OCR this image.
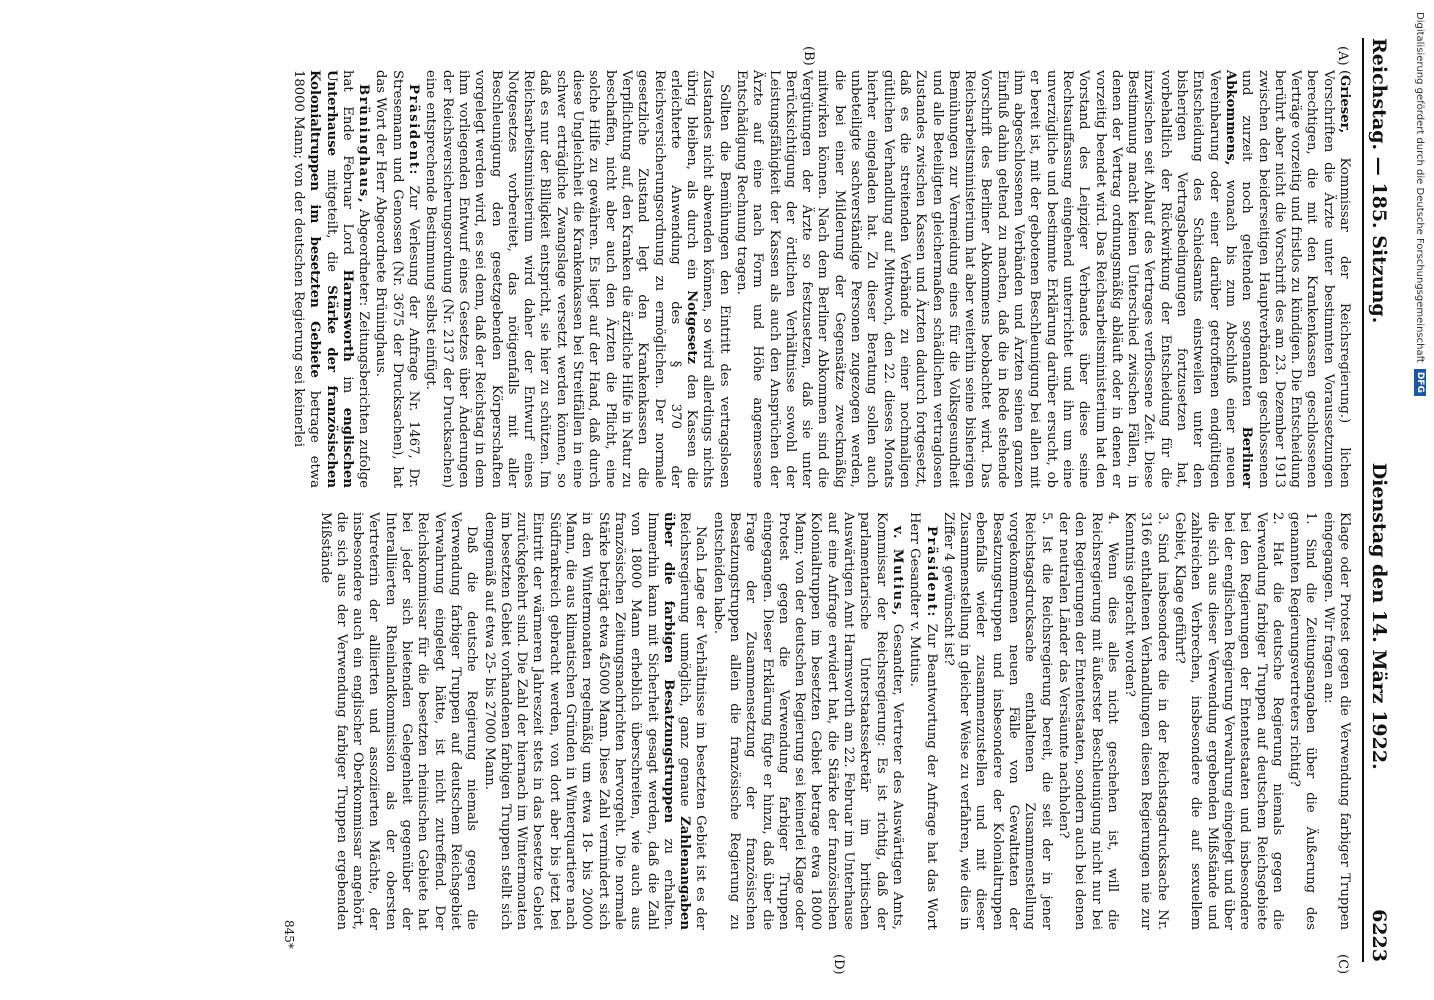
Reichstag. — 185. Sitzung.
Dienstag den 14. März 1922.
6223
(A)
(B)
(C)
(D)

(Grieser, Kommissar der Reichsregierung.) lichen Vorschriften die Ärzte unter bestimmten Voraussetzungen berechtigen, die mit den Krankenkassen geschlossenen Verträge vorzeitig und fristlos zu kündigen. Die Entscheidung berührt aber nicht die Vorschrift des am 23. Dezember 1913 zwischen den beiderseitigen Hauptverbänden geschlossenen und zurzeit noch geltenden sogenannten Berliner Abkommens, wonach bis zum Abschluß einer neuen Vereinbarung oder einer darüber getroffenen endgültigen Entscheidung des Schiedsamts einstweilen unter den bisherigen Vertragsbedingungen fortzusetzen hat, vorbehaltlich der Rückwirkung der Entscheidung für die inzwischen seit Ablauf des Vertrages verflossene Zeit. Diese Bestimmung macht keinen Unterschied zwischen Fällen, in denen der Vertrag ordnungsmäßig abläuft oder in denen er vorzeitig beendet wird. Das Reichsarbeitsministerium hat den Vorstand des Leipziger Verbandes über diese seine Rechtsauffassung eingehend unterrichtet und ihn um eine unverzügliche und bestimmte Erklärung darüber ersucht, ob er bereit ist, mit der gebotenen Beschleunigung bei allen mit ihm abgeschlossenen Verbänden und Ärzten seinen ganzen Einfluß dahin geltend zu machen, daß die in Rede stehende Vorschrift des Berliner Abkommens beobachtet wird. Das Reichsarbeitsministerium hat aber weiterhin seine bisherigen Bemühungen zur Vermeidung eines für die Volksgesundheit und alle Beteiligten gleichermaßen schädlichen vertraglosen Zustandes zwischen Kassen und Ärzten dadurch fortgesetzt, daß es die streitenden Verbände zu einer nochmaligen gütlichen Verhandlung auf Mittwoch, den 22. dieses Monats hierher eingeladen hat. Zu dieser Beratung sollen auch unbeteiligte sachverständige Personen zugezogen werden, die bei einer Milderung der Gegensätze zweckmäßig mitwirken können. Nach dem Berliner Abkommen sind die Vergütungen der Ärzte so festzusetzen, daß sie unter Berücksichtigung der örtlichen Verhältnisse sowohl der Leistungsfähigkeit der Kassen als auch den Ansprüchen der Ärzte auf eine nach Form und Höhe angemessene Entschädigung Rechnung tragen.

Sollten die Bemühungen den Eintritt des vertragslosen Zustandes nicht abwenden können, so wird allerdings nichts übrig bleiben, als durch ein Notgesetz den Kassen die erleichterte Anwendung des § 370 der Reichsversicherungsordnung zu ermöglichen. Der normale gesetzliche Zustand legt den Krankenkassen die Verpflichtung auf, den Kranken die ärztliche Hilfe in Natur zu beschaffen, nicht aber auch den Ärzten die Pflicht, eine solche Hilfe zu gewähren. Es liegt auf der Hand, daß durch diese Ungleichheit die Krankenkassen bei Streitfällen in eine schwer erträgliche Zwangslage versetzt werden können, so daß es nur der Billigkeit entspricht, sie hier zu schützen. Im Reichsarbeitsministerium wird daher der Entwurf eines Notgesetzes vorbereitet, das nötigenfalls mit aller Beschleunigung den gesetzgebenden Körperschaften vorgelegt werden wird, es sei denn, daß der Reichstag in dem ihm vorliegenden Entwurf eines Gesetzes über Änderungen der Reichsversicherungsordnung (Nr. 2137 der Drucksachen) eine entsprechende Bestimmung selbst einfügt.

Präsident: Zur Verlesung der Anfrage Nr. 1467, Dr. Stresemann und Genossen (Nr. 3675 der Drucksachen), hat das Wort der Herr Abgeordnete Brüninghaus.

Brüninghaus, Abgeordneter: Zeitungsberichten zufolge hat Ende Februar Lord Harmsworth im englischen Unterhause mitgeteilt, die Stärke der französischen Kolonialtruppen im besetzten Gebiete betrage etwa 18000 Mann; von der deutschen Regierung sei keinerlei

Klage oder Protest gegen die Verwendung farbiger Truppen eingegangen. Wir fragen an:

1. Sind die Zeitungsangaben über die Äußerung des genannten Regierungsvertreters richtig?

2. Hat die deutsche Regierung niemals gegen die Verwendung farbiger Truppen auf deutschem Reichsgebiete bei den Regierungen der Ententestaaten und insbesondere bei der englischen Regierung Verwahrung eingelegt und über die sich aus dieser Verwendung ergebenden Mißstände und zahlreichen Verbrechen, insbesondere die auf sexuellem Gebiet, Klage geführt?

3. Sind insbesondere die in der Reichstagsdrucksache Nr. 3166 enthaltenen Verhandlungen diesen Regierungen nie zur Kenntnis gebracht worden?

4. Wenn dies alles nicht geschehen ist, will die Reichsregierung mit äußerster Beschleunigung nicht nur bei den Regierungen der Ententestaaten, sondern auch bei denen der neutralen Länder das Versäumte nachholen?

5. Ist die Reichsregierung bereit, die seit der in jener Reichstagsdrucksache enthaltenen Zusammenstellung vorgekommenen neuen Fälle von Gewalttaten der Besatzungstruppen und insbesondere der Kolonialtruppen ebenfalls wieder zusammenzustellen und mit dieser Zusammenstellung in gleicher Weise zu verfahren, wie dies in Ziffer 4 gewünscht ist?

Präsident: Zur Beantwortung der Anfrage hat das Wort Herr Gesandter v. Mutius.

v. Mutius, Gesandter, Vertreter des Auswärtigen Amts, Kommissar der Reichsregierung: Es ist richtig, daß der parlamentarische Unterstaatssekretär im britischen Auswärtigen Amt Harmsworth am 22. Februar im Unterhause auf eine Anfrage erwidert hat, die Stärke der französischen Kolonialtruppen im besetzten Gebiet betrage etwa 18000 Mann; von der deutschen Regierung sei keinerlei Klage oder Protest gegen die Verwendung farbiger Truppen eingegangen. Dieser Erklärung fügte er hinzu, daß über die Frage der Zusammensetzung der französischen Besatzungstruppen allein die französische Regierung zu entscheiden habe.

Nach Lage der Verhältnisse im besetzten Gebiet ist es der Reichsregierung unmöglich, ganz genaue Zahlenangaben über die farbigen Besatzungstruppen zu erhalten. Immerhin kann mit Sicherheit gesagt werden, daß die Zahl von 18000 Mann erheblich überschreiten, wie auch aus französischen Zeitungsnachrichten hervorgeht. Die normale Stärke beträgt etwa 45000 Mann. Diese Zahl vermindert sich in den Wintermonaten regelmäßig um etwa 18- bis 20000 Mann, die aus klimatischen Gründen in Winterquartiere nach Südfrankreich gebracht werden, von dort aber bis jetzt bei Eintritt der wärmeren Jahreszeit stets in das besetzte Gebiet zurückgekehrt sind. Die Zahl der hiernach im Wintermonaten im besetzten Gebiet vorhandenen farbigen Truppen stellt sich demgemäß auf etwa 25- bis 27000 Mann.

Daß die deutsche Regierung niemals gegen die Verwendung farbiger Truppen auf deutschem Reichsgebiet Verwahrung eingelegt hätte, ist nicht zutreffend. Der Reichskommissar für die besetzten rheinischen Gebiete hat bei jeder sich bietenden Gelegenheit gegenüber der Interalliierten Rheinlandkommission als der obersten Vertreterin der alliierten und assoziierten Mächte, der insbesondere auch ein englischer Oberkommissar angehört, die sich aus der Verwendung farbiger Truppen ergebenden Mißstände

845*
Digitalisierung gefördert durch die Deutsche Forschungsgemeinschaft
DFG
